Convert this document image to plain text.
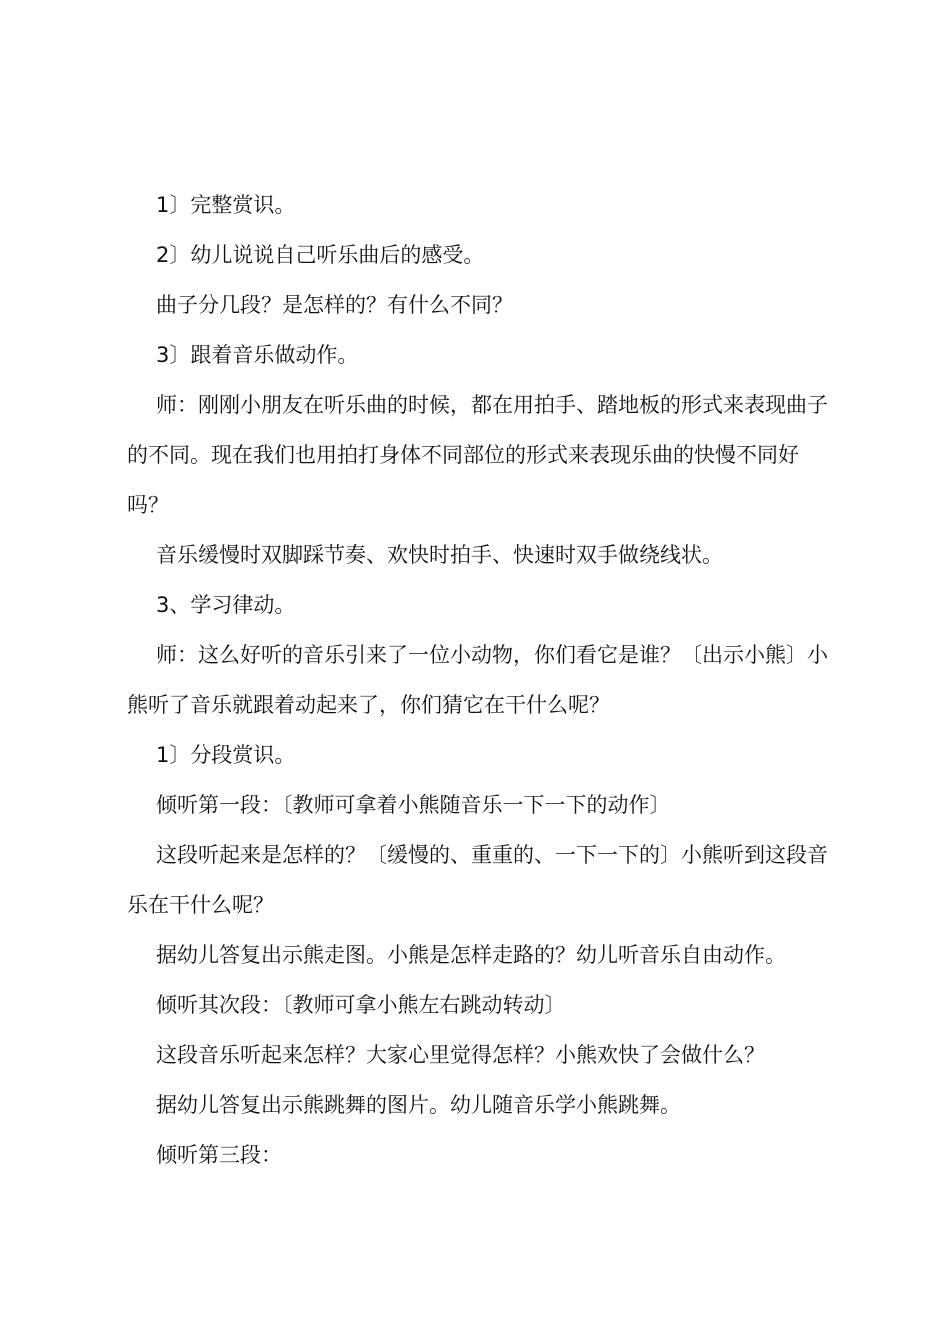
1〕完整赏识。

2〕幼儿说说自己听乐曲后的感受。

曲子分几段？是怎样的？有什么不同？

3〕跟着音乐做动作。

师：刚刚小朋友在听乐曲的时候，都在用拍手、踏地板的形式来表现曲子的不同。现在我们也用拍打身体不同部位的形式来表现乐曲的快慢不同好吗？

音乐缓慢时双脚踩节奏、欢快时拍手、快速时双手做绕线状。

3、学习律动。

师：这么好听的音乐引来了一位小动物，你们看它是谁？〔出示小熊〕小熊听了音乐就跟着动起来了，你们猜它在干什么呢？

1〕分段赏识。

倾听第一段：〔教师可拿着小熊随音乐一下一下的动作〕

这段听起来是怎样的？〔缓慢的、重重的、一下一下的〕小熊听到这段音乐在干什么呢？

据幼儿答复出示熊走图。小熊是怎样走路的？幼儿听音乐自由动作。

倾听其次段：〔教师可拿小熊左右跳动转动〕

这段音乐听起来怎样？大家心里觉得怎样？小熊欢快了会做什么？

据幼儿答复出示熊跳舞的图片。幼儿随音乐学小熊跳舞。

倾听第三段：
